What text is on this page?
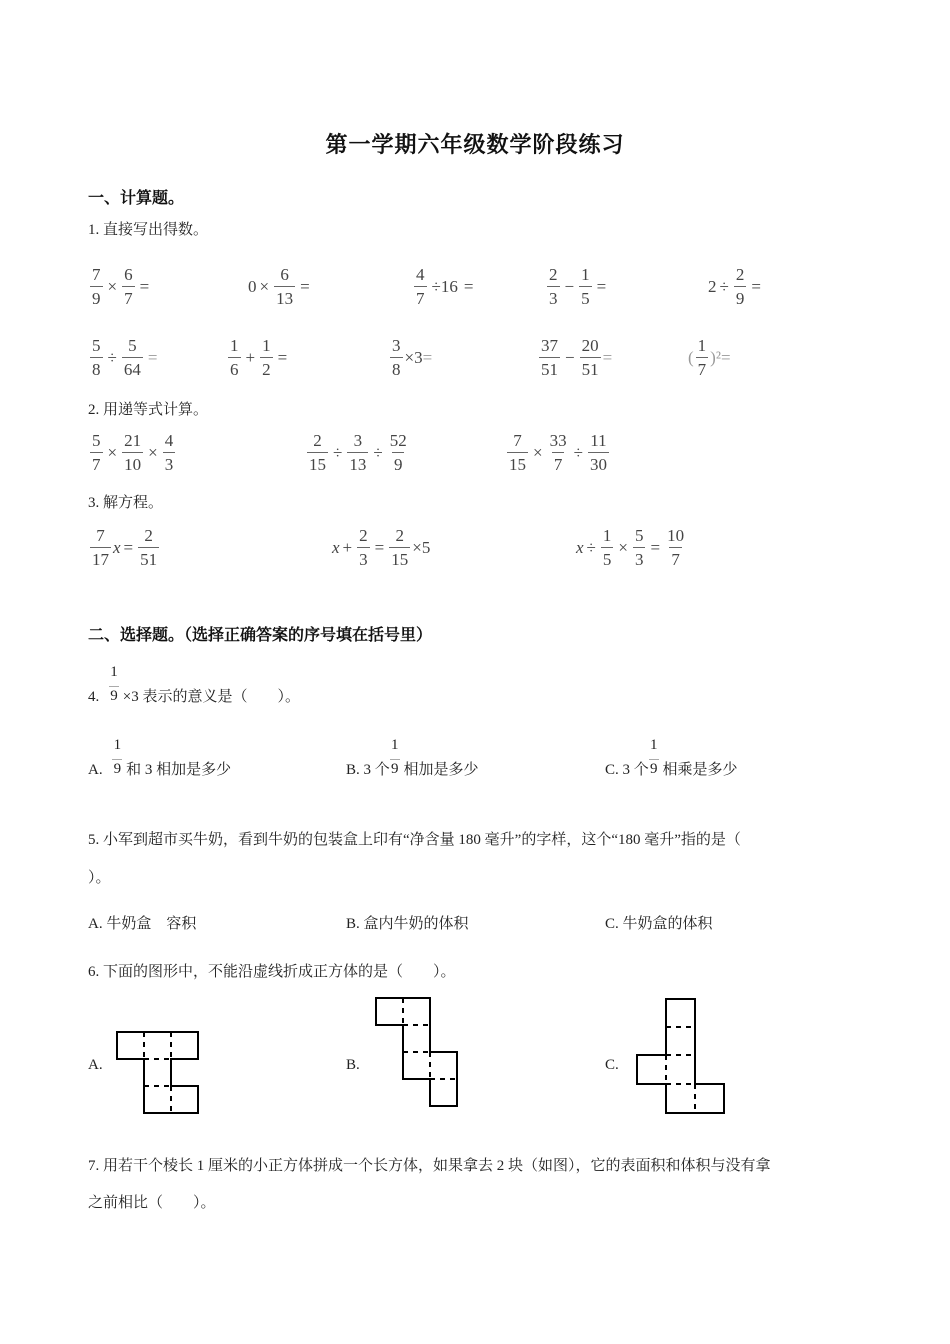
第一学期六年级数学阶段练习
一、计算题。
1. 直接写出得数。
$\frac{7}{9} \times \frac{6}{7}$ =	$0 \times \frac{6}{13}$ =	$\frac{4}{7} \div 16$ =	$\frac{2}{3} - \frac{1}{5}$ =	$2 \div \frac{2}{9}$ =
$\frac{5}{8} \div \frac{5}{64}$ =	$\frac{1}{6} + \frac{1}{2}$ =	$\frac{3}{8} \times 3$ =	$\frac{37}{51} - \frac{20}{51}$ =	( $\frac{1}{7} )^2$ =
2. 用递等式计算。
$\frac{5}{7} \times \frac{21}{10} \times \frac{4}{3}$	$\frac{2}{15} \div \frac{3}{13} \div \frac{52}{9}$	$\frac{7}{15} \times \frac{33}{7} \div \frac{11}{30}$
3. 解方程。
$\frac{7}{17}$ $x = \frac{2}{51}$	$x + \frac{2}{3} = \frac{2}{15} \times 5$	$x \div \frac{1}{5} \times \frac{5}{3} = \frac{10}{7}$
二、选择题。（选择正确答案的序号填在括号里）
4. $\frac{1}{9} \times 3$ 表示的意义是（　　）。
A. $\frac{1}{9}$ 和 3 相加是多少	B. 3 个 $\frac{1}{9}$ 相加是多少	C. 3 个 $\frac{1}{9}$ 相乘是多少
5. 小军到超市买牛奶，看到牛奶的包装盒上印有“净含量 180 毫升”的字样，这个“180 毫升”指的是（
）。
A. 牛奶盒　容积	B. 盒内牛奶的体积	C. 牛奶盒的体积
6. 下面的图形中，不能沿虚线折成正方体的是（　　）。
A.	B.	C.
7. 用若干个棱长 1 厘米的小正方体拼成一个长方体，如果拿去 2 块（如图），它的表面积和体积与没有拿
之前相比（　　）。
